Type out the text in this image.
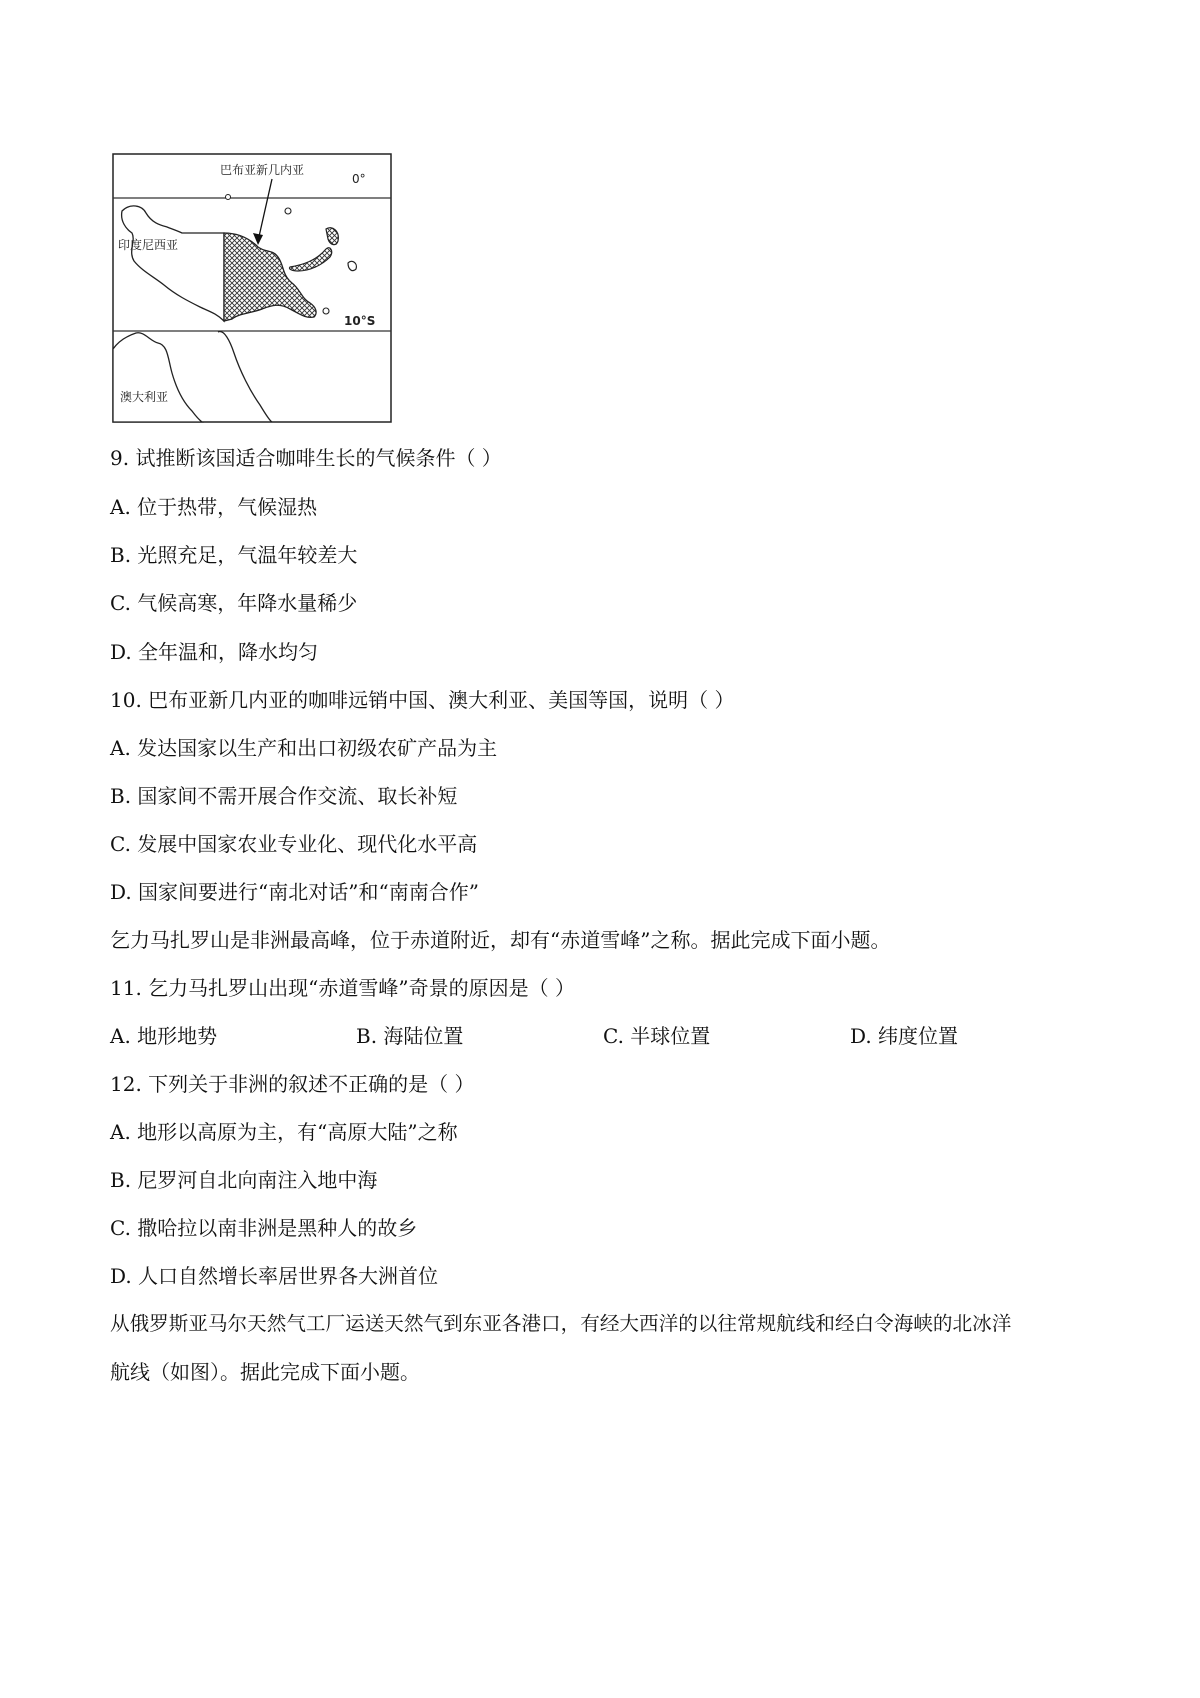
巴布亚新几内亚
0°
印度尼西亚
10°S
澳大利亚
9. 试推断该国适合咖啡生长的气候条件（ ）
A. 位于热带，气候湿热
B. 光照充足，气温年较差大
C. 气候高寒，年降水量稀少
D. 全年温和，降水均匀
10. 巴布亚新几内亚的咖啡远销中国、澳大利亚、美国等国，说明（ ）
A. 发达国家以生产和出口初级农矿产品为主
B. 国家间不需开展合作交流、取长补短
C. 发展中国家农业专业化、现代化水平高
D. 国家间要进行“南北对话”和“南南合作”
乞力马扎罗山是非洲最高峰，位于赤道附近，却有“赤道雪峰”之称。据此完成下面小题。
11. 乞力马扎罗山出现“赤道雪峰”奇景的原因是（ ）
A. 地形地势	B. 海陆位置	C. 半球位置	D. 纬度位置
12. 下列关于非洲的叙述不正确的是（ ）
A. 地形以高原为主，有“高原大陆”之称
B. 尼罗河自北向南注入地中海
C. 撒哈拉以南非洲是黑种人的故乡
D. 人口自然增长率居世界各大洲首位
从俄罗斯亚马尔天然气工厂运送天然气到东亚各港口，有经大西洋的以往常规航线和经白令海峡的北冰洋
航线（如图）。据此完成下面小题。
